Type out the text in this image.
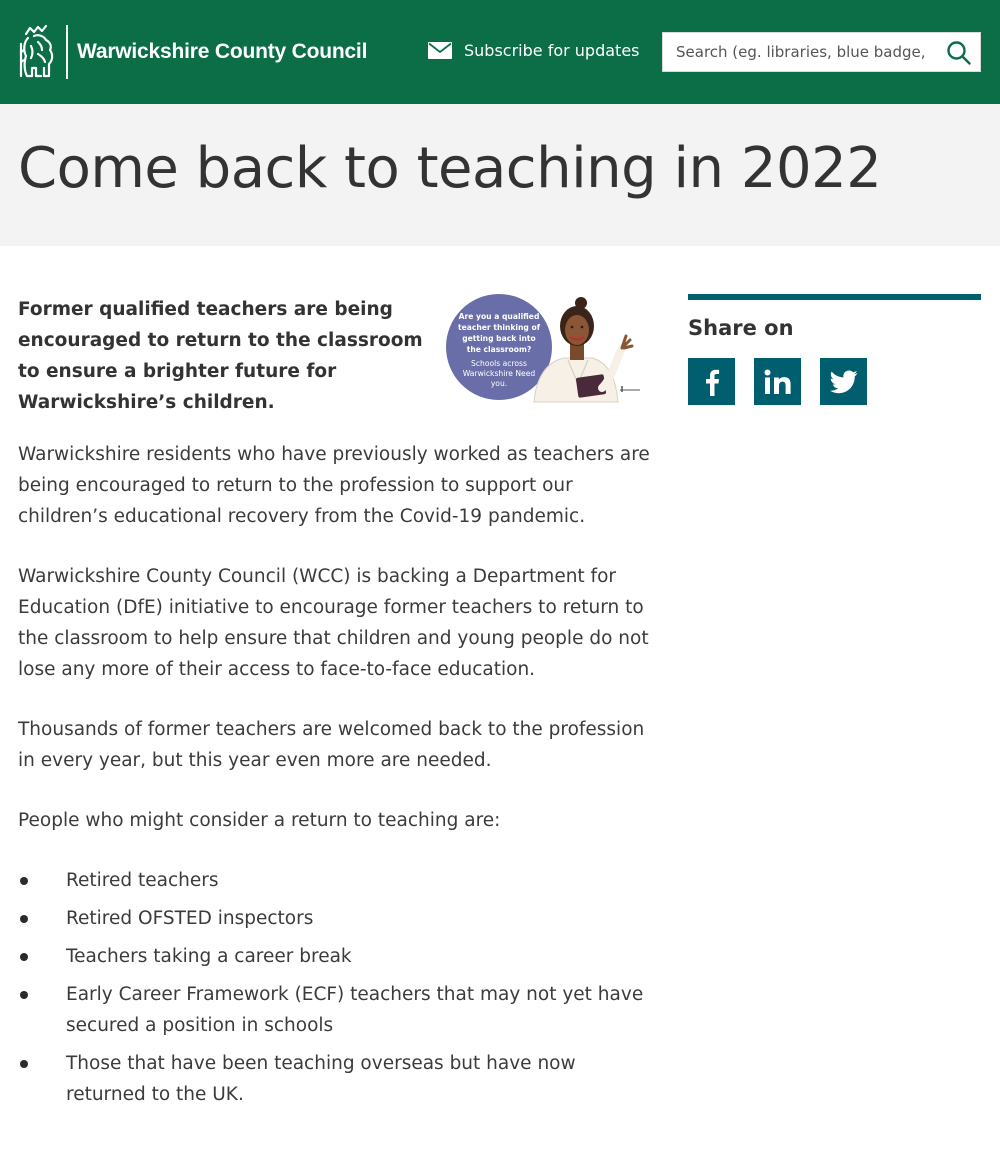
Warwickshire County Council	Subscribe for updates
Search (eg. libraries, blue badge,
Come back to teaching in 2022

Former qualified teachers are being encouraged to return to the classroom to ensure a brighter future for Warwickshire’s children.

Are you a qualified teacher thinking of getting back into the classroom?
Schools across Warwickshire Need you.

Warwickshire residents who have previously worked as teachers are being encouraged to return to the profession to support our children’s educational recovery from the Covid-19 pandemic.

Warwickshire County Council (WCC) is backing a Department for Education (DfE) initiative to encourage former teachers to return to the classroom to help ensure that children and young people do not lose any more of their access to face-to-face education.

Thousands of former teachers are welcomed back to the profession in every year, but this year even more are needed.

People who might consider a return to teaching are:

Retired teachers
Retired OFSTED inspectors
Teachers taking a career break
Early Career Framework (ECF) teachers that may not yet have secured a position in schools
Those that have been teaching overseas but have now returned to the UK.
Share on
